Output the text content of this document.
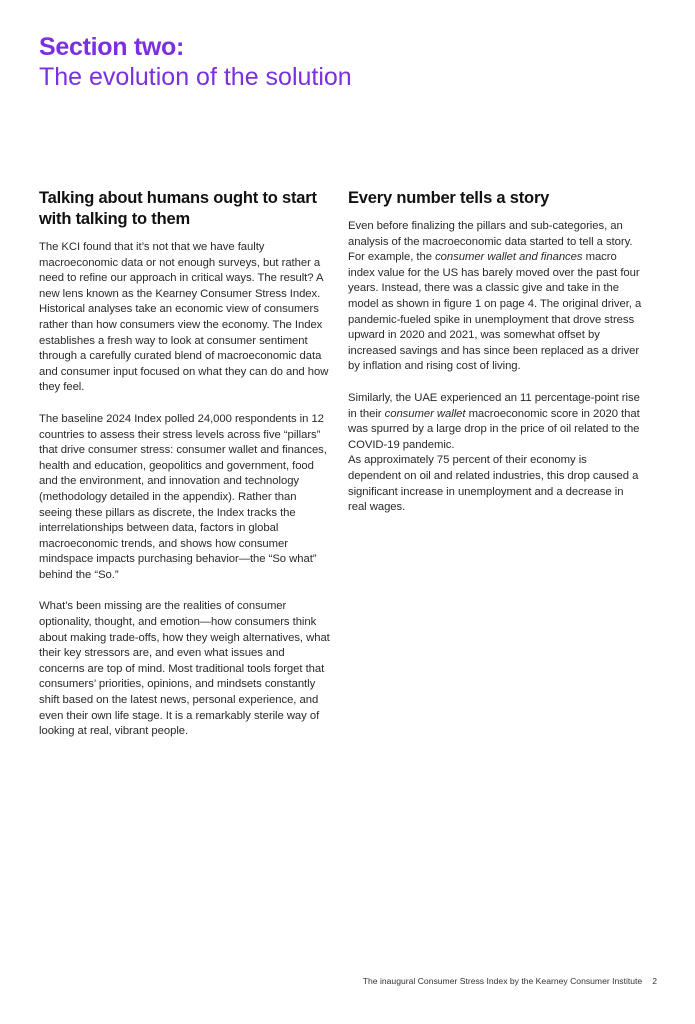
Section two:
The evolution of the solution
Talking about humans ought to start with talking to them

The KCI found that it’s not that we have faulty macroeconomic data or not enough surveys, but rather a need to refine our approach in critical ways. The result? A new lens known as the Kearney Consumer Stress Index. Historical analyses take an economic view of consumers rather than how consumers view the economy. The Index establishes a fresh way to look at consumer sentiment through a carefully curated blend of macroeconomic data and consumer input focused on what they can do and how they feel.

The baseline 2024 Index polled 24,000 respondents in 12 countries to assess their stress levels across five “pillars” that drive consumer stress: consumer wallet and finances, health and education, geopolitics and government, food and the environment, and innovation and technology (methodology detailed in the appendix). Rather than seeing these pillars as discrete, the Index tracks the interrelationships between data, factors in global macroeconomic trends, and shows how consumer mindspace impacts purchasing behavior—the “So what” behind the “So.”

What’s been missing are the realities of consumer optionality, thought, and emotion—how consumers think about making trade-offs, how they weigh alternatives, what their key stressors are, and even what issues and concerns are top of mind. Most traditional tools forget that consumers’ priorities, opinions, and mindsets constantly shift based on the latest news, personal experience, and even their own life stage. It is a remarkably sterile way of looking at real, vibrant people.

Every number tells a story

Even before finalizing the pillars and sub-categories, an analysis of the macroeconomic data started to tell a story. For example, the consumer wallet and finances macro index value for the US has barely moved over the past four years. Instead, there was a classic give and take in the model as shown in figure 1 on page 4. The original driver, a pandemic-fueled spike in unemployment that drove stress upward in 2020 and 2021, was somewhat offset by increased savings and has since been replaced as a driver by inflation and rising cost of living.

Similarly, the UAE experienced an 11 percentage-point rise in their consumer wallet macroeconomic score in 2020 that was spurred by a large drop in the price of oil related to the COVID-19 pandemic.

As approximately 75 percent of their economy is dependent on oil and related industries, this drop caused a significant increase in unemployment and a decrease in real wages.

The inaugural Consumer Stress Index by the Kearney Consumer Institute 2
